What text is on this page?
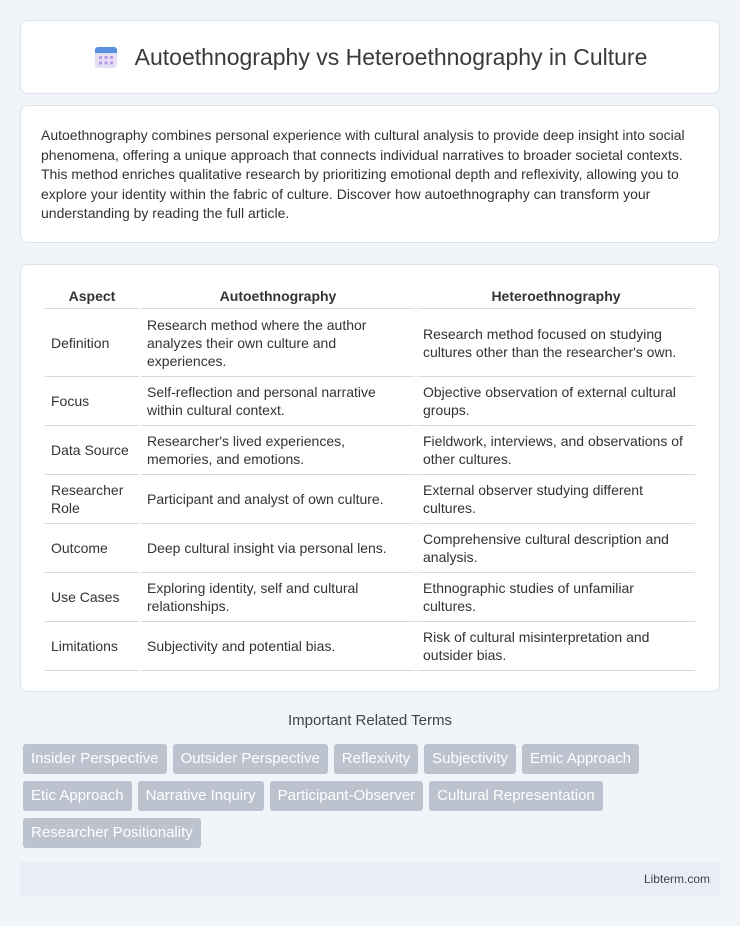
Autoethnography vs Heteroethnography in Culture

Autoethnography combines personal experience with cultural analysis to provide deep insight into social phenomena, offering a unique approach that connects individual narratives to broader societal contexts. This method enriches qualitative research by prioritizing emotional depth and reflexivity, allowing you to explore your identity within the fabric of culture. Discover how autoethnography can transform your understanding by reading the full article.

Aspect	Autoethnography	Heteroethnography
Definition	Research method where the author analyzes their own culture and experiences.	Research method focused on studying cultures other than the researcher's own.
Focus	Self-reflection and personal narrative within cultural context.	Objective observation of external cultural groups.
Data Source	Researcher's lived experiences, memories, and emotions.	Fieldwork, interviews, and observations of other cultures.
Researcher Role	Participant and analyst of own culture.	External observer studying different cultures.
Outcome	Deep cultural insight via personal lens.	Comprehensive cultural description and analysis.
Use Cases	Exploring identity, self and cultural relationships.	Ethnographic studies of unfamiliar cultures.
Limitations	Subjectivity and potential bias.	Risk of cultural misinterpretation and outsider bias.
Important Related Terms
Insider Perspective	Outsider Perspective	Reflexivity	Subjectivity	Emic Approach
Etic Approach	Narrative Inquiry	Participant-Observer	Cultural Representation
Researcher Positionality
Libterm.com
